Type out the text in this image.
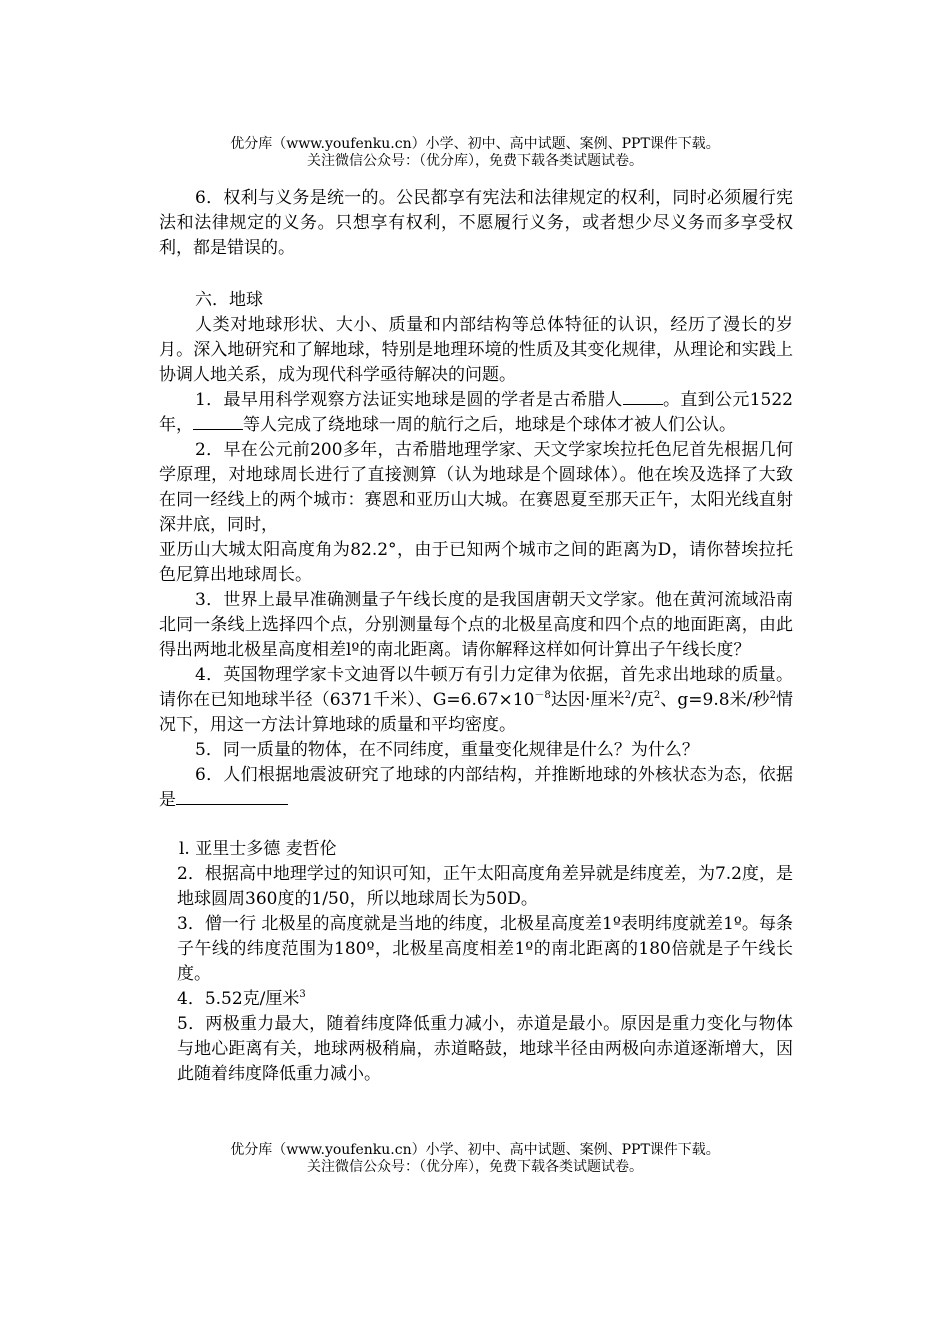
优分库（www.youfenku.cn）小学、初中、高中试题、案例、PPT课件下载。
关注微信公众号：（优分库），免费下载各类试题试卷。

6．权利与义务是统一的。公民都享有宪法和法律规定的权利，同时必须履行宪法和法律规定的义务。只想享有权利，不愿履行义务，或者想少尽义务而多享受权利，都是错误的。

六．地球

人类对地球形状、大小、质量和内部结构等总体特征的认识，经历了漫长的岁月。深入地研究和了解地球，特别是地理环境的性质及其变化规律，从理论和实践上协调人地关系，成为现代科学亟待解决的问题。

1．最早用科学观察方法证实地球是圆的学者是古希腊人 。直到公元1522年，	等人完成了绕地球一周的航行之后，地球是个球体才被人们公认。

2．早在公元前200多年，古希腊地理学家、天文学家埃拉托色尼首先根据几何学原理，对地球周长进行了直接测算（认为地球是个圆球体）。他在埃及选择了大致在同一经线上的两个城市：赛恩和亚历山大城。在赛恩夏至那天正午，太阳光线直射深井底，同时，

亚历山大城太阳高度角为82.2°，由于已知两个城市之间的距离为D，请你替埃拉托色尼算出地球周长。

3．世界上最早准确测量子午线长度的是我国唐朝天文学家。他在黄河流域沿南北同一条线上选择四个点，分别测量每个点的北极星高度和四个点的地面距离，由此得出两地北极星高度相差lº的南北距离。请你解释这样如何计算出子午线长度？

4．英国物理学家卡文迪胥以牛顿万有引力定律为依据，首先求出地球的质量。请你在已知地球半径（6371千米）、$G=6.67\times 10^{-8}$达因·厘米$^2$/克$^2$、g=9.8米/秒$^2$情况下，用这一方法计算地球的质量和平均密度。

5．同一质量的物体，在不同纬度，重量变化规律是什么？为什么？

6．人们根据地震波研究了地球的内部结构，并推断地球的外核状态为态，依据是

l. 亚里士多德 麦哲伦

2．根据高中地理学过的知识可知，正午太阳高度角差异就是纬度差，为7.2度，是地球圆周360度的1/50，所以地球周长为50D。

3．僧一行 北极星的高度就是当地的纬度，北极星高度差1º表明纬度就差1º。每条子午线的纬度范围为180º，北极星高度相差1º的南北距离的180倍就是子午线长度。

4．5.52克/厘米$^3$

5．两极重力最大，随着纬度降低重力减小，赤道是最小。原因是重力变化与物体与地心距离有关，地球两极稍扁，赤道略鼓，地球半径由两极向赤道逐渐增大，因此随着纬度降低重力减小。

优分库（www.youfenku.cn）小学、初中、高中试题、案例、PPT课件下载。
关注微信公众号：（优分库），免费下载各类试题试卷。
